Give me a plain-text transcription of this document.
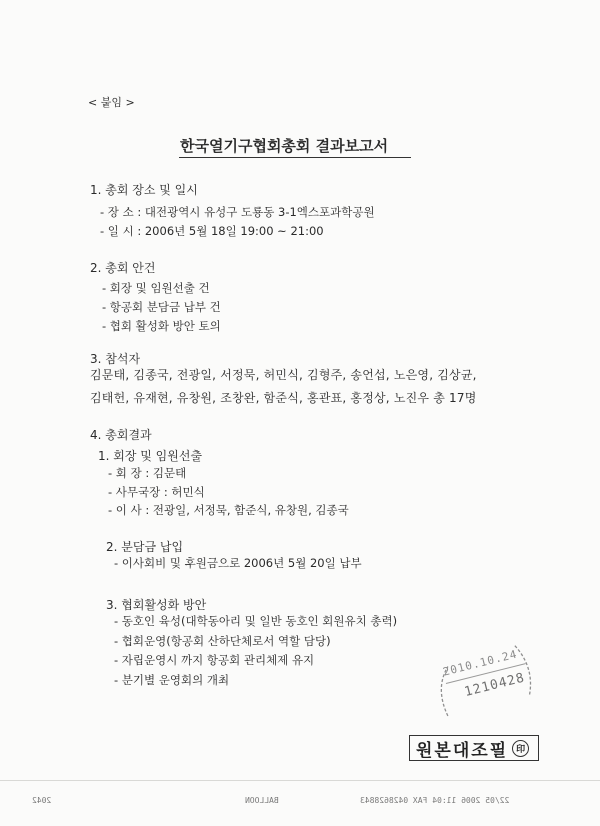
< 붙임 >
한국열기구협회총회 결과보고서
1. 총회 장소 및 일시
- 장 소 : 대전광역시 유성구 도룡동 3-1엑스포과학공원
- 일 시 : 2006년 5월 18일 19:00 ~ 21:00
2. 총회 안건
- 회장 및 임원선출 건
- 항공회 분담금 납부 건
- 협회 활성화 방안 토의
3. 참석자
김문태, 김종국, 전광일, 서정묵, 허민식, 김형주, 송언섭, 노은영, 김상균,
김태헌, 유재현, 유창원, 조창완, 함준식, 홍관표, 홍정상, 노진우 총 17명
4. 총회결과
1. 회장 및 임원선출
- 회 장 : 김문태
- 사무국장 : 허민식
- 이 사 : 전광일, 서정묵, 함준식, 유창원, 김종국
2. 분담금 납입
- 이사회비 및 후원금으로 2006년 5월 20일 납부
3. 협회활성화 방안
- 동호인 육성(대학동아리 및 일반 동호인 회원유치 총력)
- 협회운영(항공회 산하단체로서 역할 담당)
- 자립운영시 까지 항공회 관리체제 유지
- 분기별 운영회의 개최
2010.10.24
1210428
원본대조필 印
2042	BALLOON	22/05 2006 11:04 FAX 0428628843
